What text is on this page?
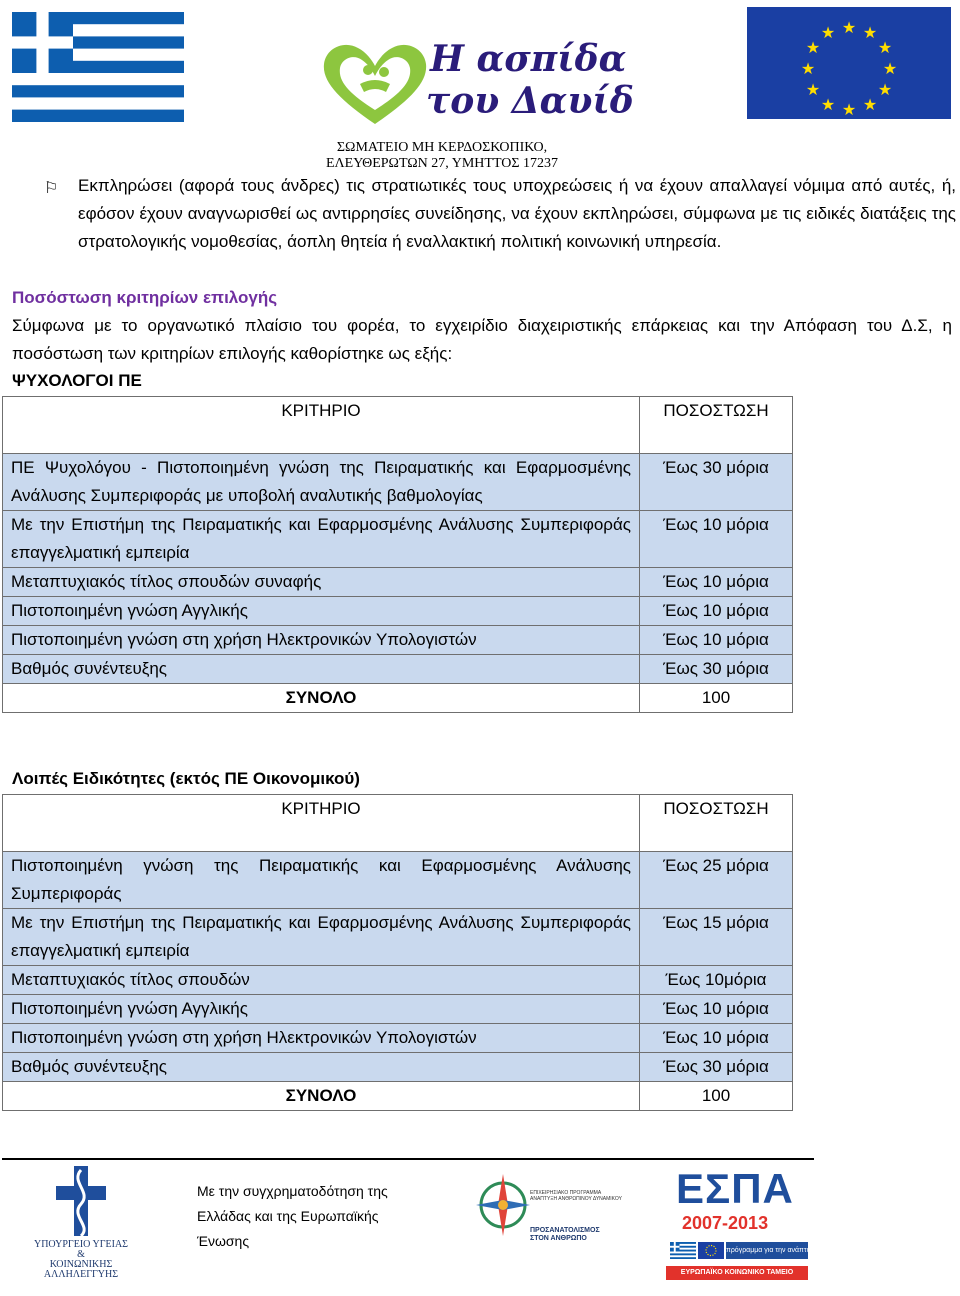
Η ασπίδα
του Δαυίδ
★ ★
★
★
★
★
★
★
★
★
★
★
ΣΩΜΑΤΕΙΟ ΜΗ ΚΕΡΔΟΣΚΟΠΙΚΟ,
ΕΛΕΥΘΕΡΩΤΩΝ 27, ΥΜΗΤΤΟΣ 17237
⚐ Εκπληρώσει (αφορά τους άνδρες) τις στρατιωτικές τους υποχρεώσεις ή να έχουν απαλλαγεί νόμιμα από αυτές, ή, εφόσον έχουν αναγνωρισθεί ως αντιρρησίες συνείδησης, να έχουν εκπληρώσει, σύμφωνα με τις ειδικές διατάξεις της στρατολογικής νομοθεσίας, άοπλη θητεία ή εναλλακτική πολιτική κοινωνική υπηρεσία.
Ποσόστωση κριτηρίων επιλογής
Σύμφωνα με το οργανωτικό πλαίσιο του φορέα, το εγχειρίδιο διαχειριστικής επάρκειας και την Απόφαση του Δ.Σ, η ποσόστωση των κριτηρίων επιλογής καθορίστηκε ως εξής:
ΨΥΧΟΛΟΓΟΙ ΠΕ
ΚΡΙΤΗΡΙΟ	ΠΟΣΟΣΤΩΣΗ
ΠΕ Ψυχολόγου - Πιστοποιημένη γνώση της Πειραματικής και Εφαρμοσμένης Ανάλυσης Συμπεριφοράς με υποβολή αναλυτικής βαθμολογίας	Έως 30 μόρια
Με την Επιστήμη της Πειραματικής και Εφαρμοσμένης Ανάλυσης Συμπεριφοράς επαγγελματική εμπειρία	Έως 10 μόρια
Μεταπτυχιακός τίτλος σπουδών συναφής	Έως 10 μόρια
Πιστοποιημένη γνώση Αγγλικής	Έως 10 μόρια
Πιστοποιημένη γνώση στη χρήση Ηλεκτρονικών Υπολογιστών	Έως 10 μόρια
Βαθμός συνέντευξης	Έως 30 μόρια
ΣΥΝΟΛΟ	100
Λοιπές Ειδικότητες (εκτός ΠΕ Οικονομικού)
ΚΡΙΤΗΡΙΟ	ΠΟΣΟΣΤΩΣΗ
Πιστοποιημένη γνώση της Πειραματικής και Εφαρμοσμένης Ανάλυσης Συμπεριφοράς	Έως 25 μόρια
Με την Επιστήμη της Πειραματικής και Εφαρμοσμένης Ανάλυσης Συμπεριφοράς επαγγελματική εμπειρία	Έως 15 μόρια
Μεταπτυχιακός τίτλος σπουδών	Έως 10μόρια
Πιστοποιημένη γνώση Αγγλικής	Έως 10 μόρια
Πιστοποιημένη γνώση στη χρήση Ηλεκτρονικών Υπολογιστών	Έως 10 μόρια
Βαθμός συνέντευξης	Έως 30 μόρια
ΣΥΝΟΛΟ	100
ΥΠΟΥΡΓΕΙΟ ΥΓΕΙΑΣ
&
ΚΟΙΝΩΝΙΚΗΣ ΑΛΛΗΛΕΓΓΥΗΣ
Με την συγχρηματοδότηση της
Ελλάδας και της Ευρωπαϊκής
Ένωσης
ΕΠΙΧΕΙΡΗΣΙΑΚΟ ΠΡΟΓΡΑΜΜΑ
ΑΝΑΠΤΥΞΗ ΑΝΘΡΩΠΙΝΟΥ ΔΥΝΑΜΙΚΟΥ
ΠΡΟΣΑΝΑΤΟΛΙΣΜΟΣ
ΣΤΟΝ ΑΝΘΡΩΠΟ
ΕΣΠΑ
2007-2013
πρόγραμμα για την ανάπτυξη
ΕΥΡΩΠΑΪΚΟ ΚΟΙΝΩΝΙΚΟ ΤΑΜΕΙΟ
